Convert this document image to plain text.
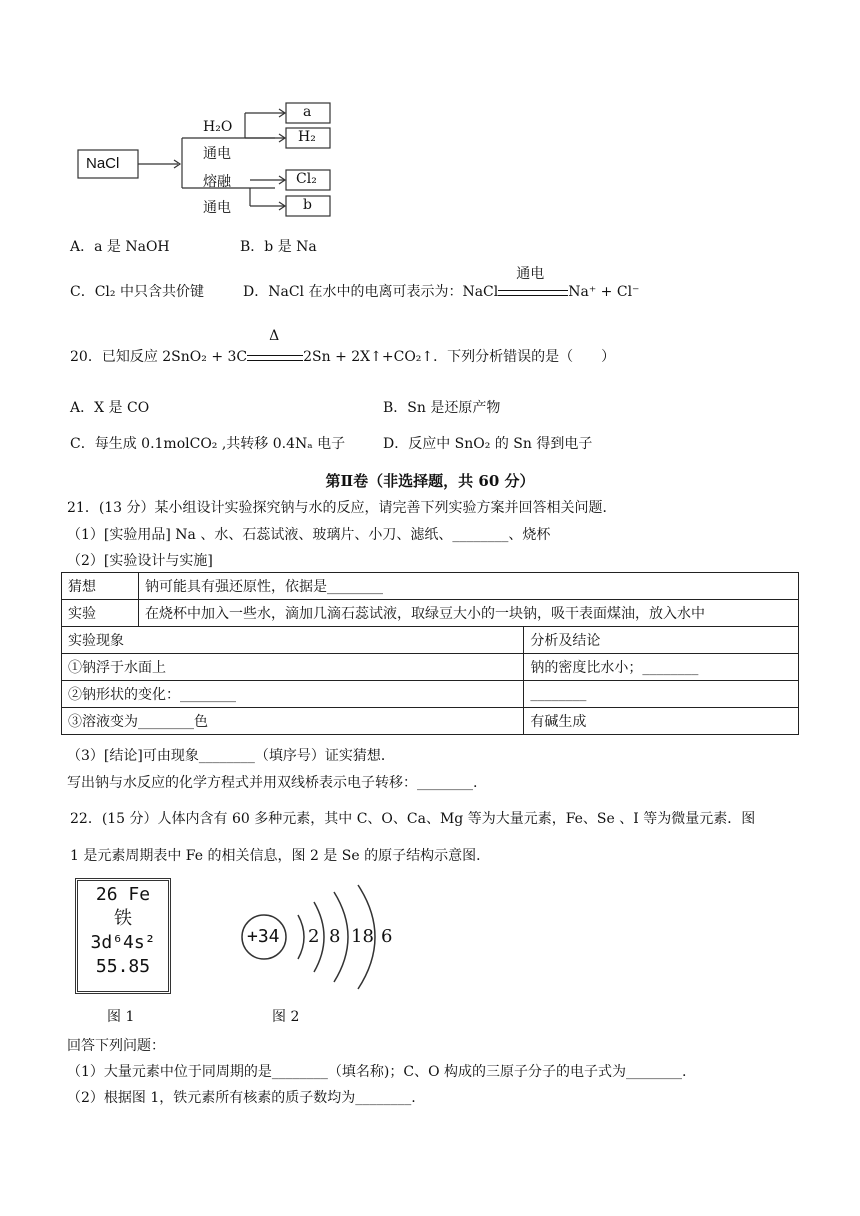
NaCl
H₂O
通电
熔融
通电
a
H₂
Cl₂
b
A．a 是 NaOH	B．b 是 Na
C．Cl₂ 中只含共价键	D．NaCl 在水中的电离可表示为：NaCl
通电
Na⁺ + Cl⁻
20．已知反应 2SnO₂ + 3C
Δ
2Sn + 2X↑+CO₂↑．下列分析错误的是（　　）
A．X 是 CO	B．Sn 是还原产物
C．每生成 0.1molCO₂ ,共转移 0.4Nₐ 电子	D．反应中 SnO₂ 的 Sn 得到电子
第Ⅱ卷（非选择题，共 60 分）
21．(13 分）某小组设计实验探究钠与水的反应，请完善下列实验方案并回答相关问题．
（1）[实验用品] Na 、水、石蕊试液、玻璃片、小刀、滤纸、________、烧杯
（2）[实验设计与实施]
猜想	钠可能具有强还原性，依据是________	
实验	在烧杯中加入一些水，滴加几滴石蕊试液，取绿豆大小的一块钠，吸干表面煤油，放入水中	
实验现象		分析及结论
①钠浮于水面上		钠的密度比水小；________
②钠形状的变化：________		________
③溶液变为________色		有碱生成
（3）[结论]可由现象________（填序号）证实猜想．
写出钠与水反应的化学方程式并用双线桥表示电子转移：________.
22．(15 分）人体内含有 60 多种元素，其中 C、O、Ca、Mg 等为大量元素，Fe、Se 、I 等为微量元素．图
1 是元素周期表中 Fe 的相关信息，图 2 是 Se 的原子结构示意图．
26 Fe
铁
3d⁶4s²
55.85
+34 2 8 18 6
图 1	图 2
回答下列问题：
（1）大量元素中位于同周期的是________（填名称)；C、O 构成的三原子分子的电子式为________.
（2）根据图 1，铁元素所有核素的质子数均为________.
